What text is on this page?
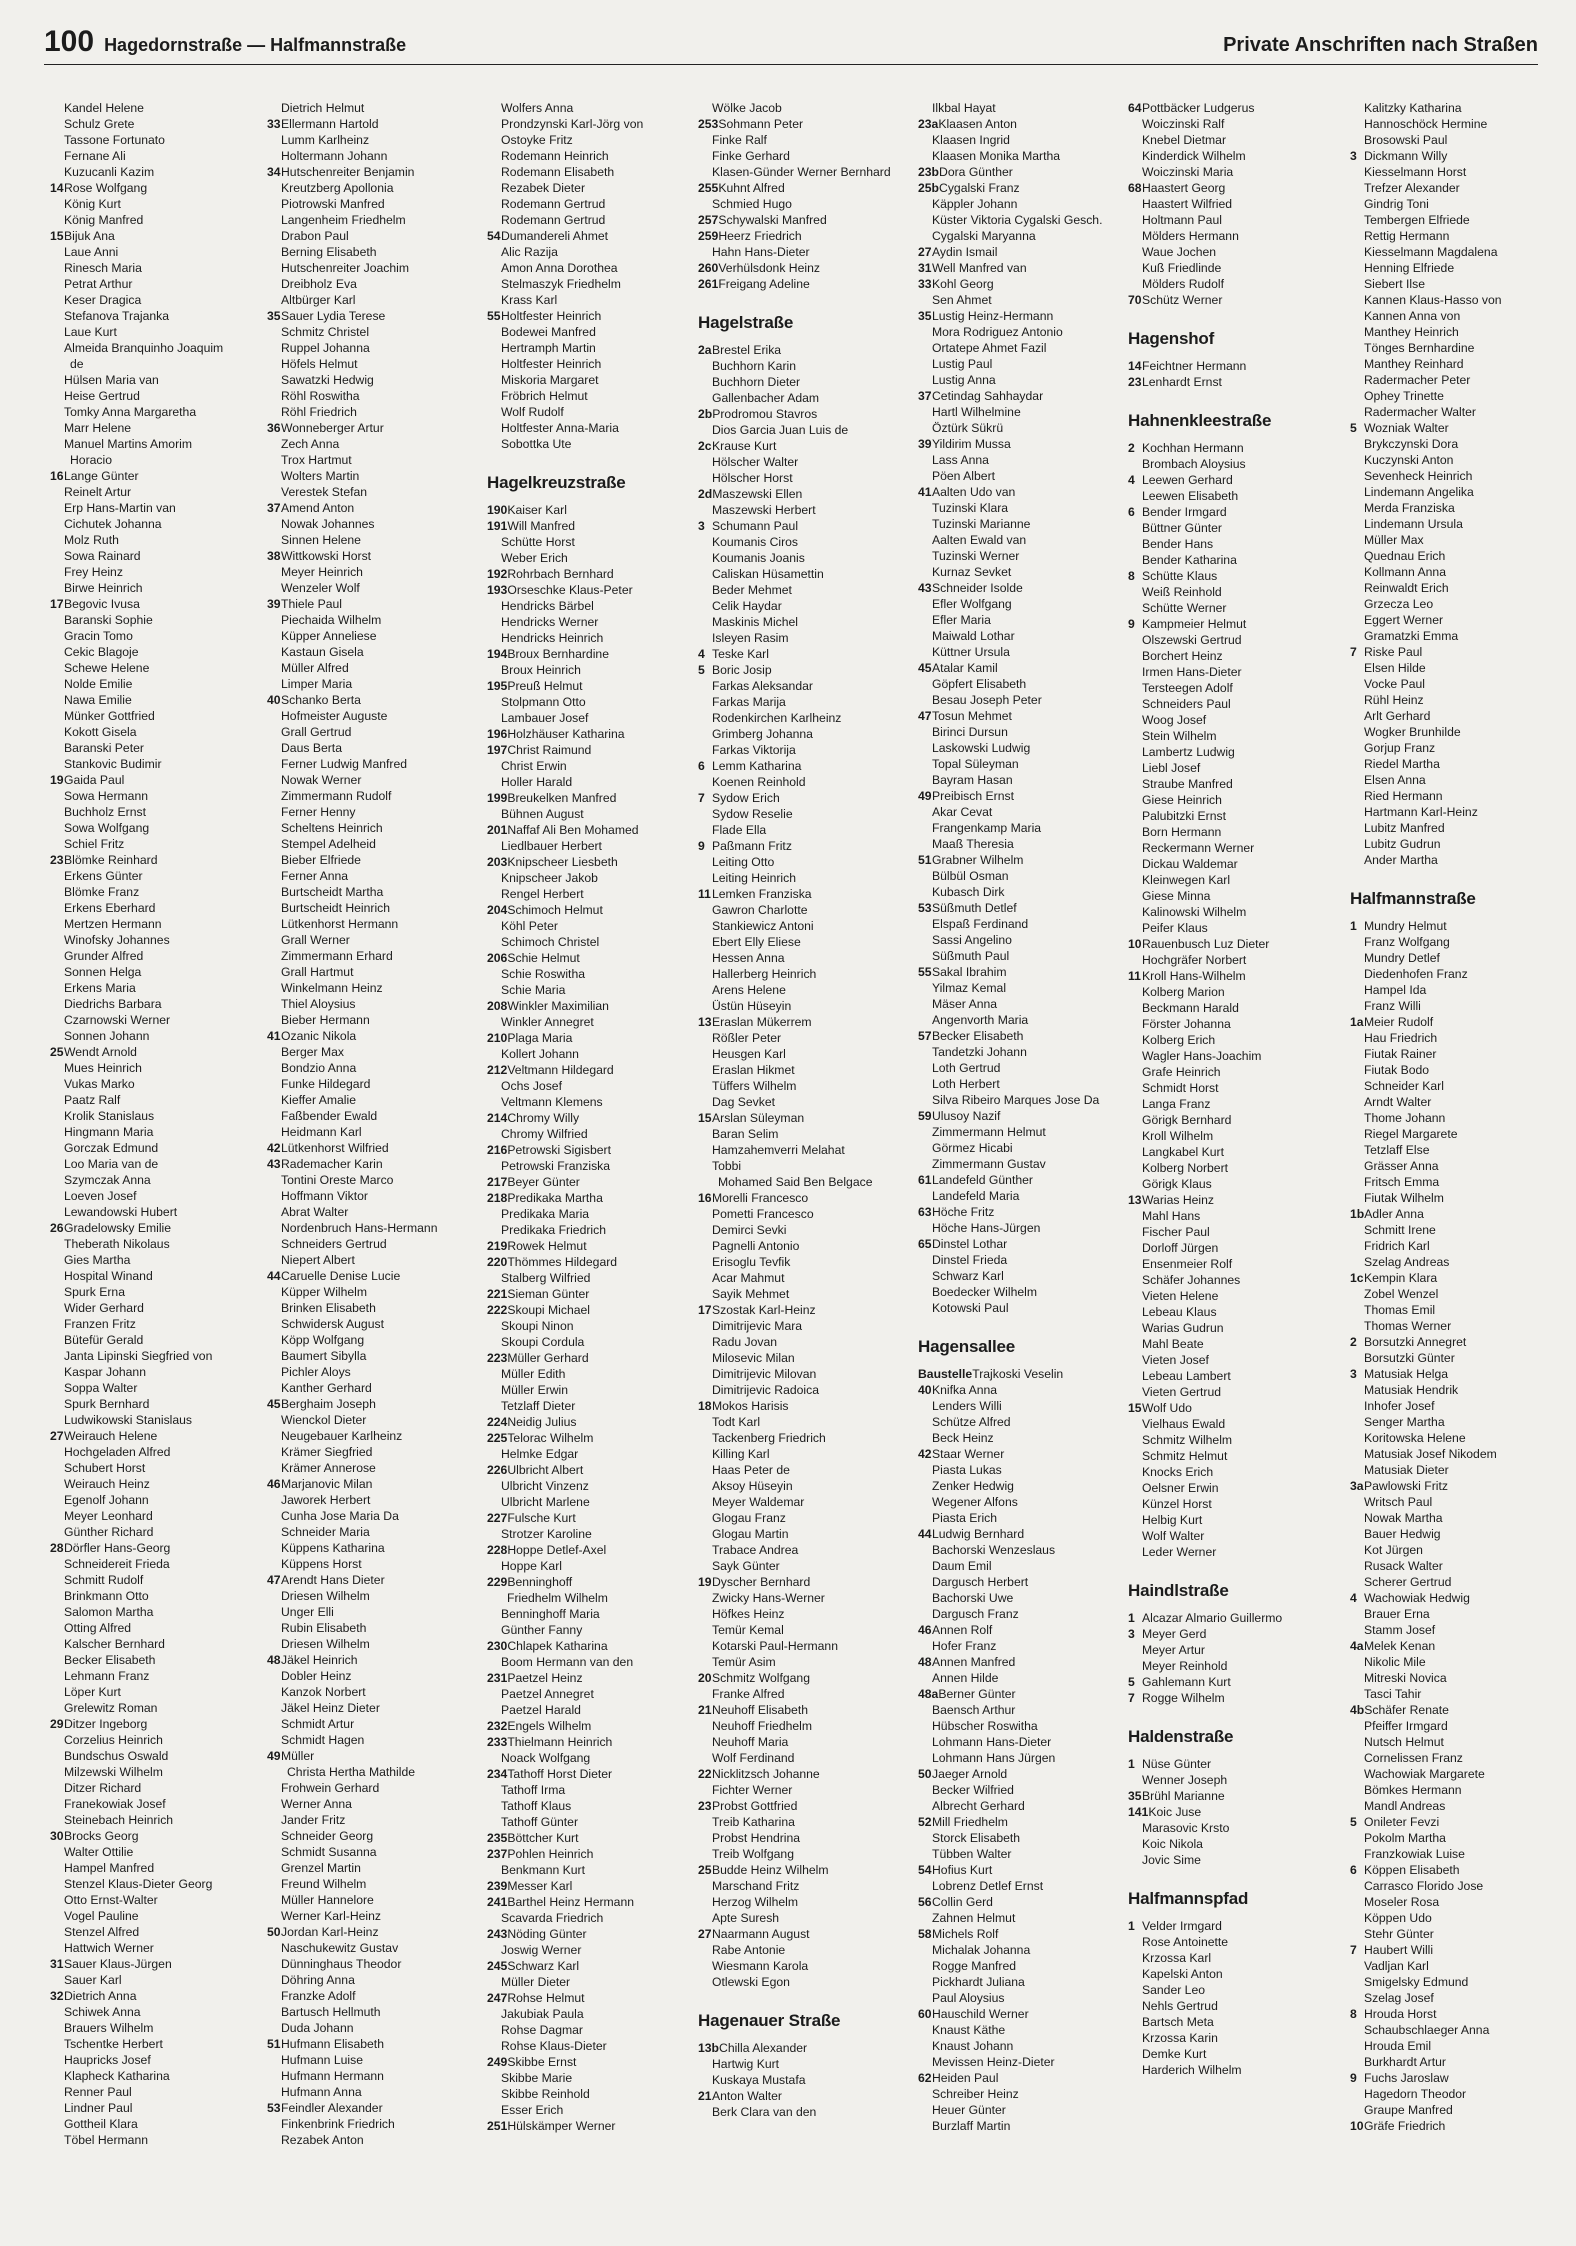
100 Hagedornstraße — Halfmannstraße	Private Anschriften nach Straßen
Kandel Helene
Schulz Grete
Tassone Fortunato
Fernane Ali
Kuzucanli Kazim
14Rose Wolfgang
König Kurt
König Manfred
15Bijuk Ana
Laue Anni
Rinesch Maria
Petrat Arthur
Keser Dragica
Stefanova Trajanka
Laue Kurt
Almeida Branquinho Joaquim
de
Hülsen Maria van
Heise Gertrud
Tomky Anna Margaretha
Marr Helene
Manuel Martins Amorim
Horacio
16Lange Günter
Reinelt Artur
Erp Hans-Martin van
Cichutek Johanna
Molz Ruth
Sowa Rainard
Frey Heinz
Birwe Heinrich
17Begovic Ivusa
Baranski Sophie
Gracin Tomo
Cekic Blagoje
Schewe Helene
Nolde Emilie
Nawa Emilie
Münker Gottfried
Kokott Gisela
Baranski Peter
Stankovic Budimir
19Gaida Paul
Sowa Hermann
Buchholz Ernst
Sowa Wolfgang
Schiel Fritz
23Blömke Reinhard
Erkens Günter
Blömke Franz
Erkens Eberhard
Mertzen Hermann
Winofsky Johannes
Grunder Alfred
Sonnen Helga
Erkens Maria
Diedrichs Barbara
Czarnowski Werner
Sonnen Johann
25Wendt Arnold
Mues Heinrich
Vukas Marko
Paatz Ralf
Krolik Stanislaus
Hingmann Maria
Gorczak Edmund
Loo Maria van de
Szymczak Anna
Loeven Josef
Lewandowski Hubert
26Gradelowsky Emilie
Theberath Nikolaus
Gies Martha
Hospital Winand
Spurk Erna
Wider Gerhard
Franzen Fritz
Bütefür Gerald
Janta Lipinski Siegfried von
Kaspar Johann
Soppa Walter
Spurk Bernhard
Ludwikowski Stanislaus
27Weirauch Helene
Hochgeladen Alfred
Schubert Horst
Weirauch Heinz
Egenolf Johann
Meyer Leonhard
Günther Richard
28Dörfler Hans-Georg
Schneidereit Frieda
Schmitt Rudolf
Brinkmann Otto
Salomon Martha
Otting Alfred
Kalscher Bernhard
Becker Elisabeth
Lehmann Franz
Löper Kurt
Grelewitz Roman
29Ditzer Ingeborg
Corzelius Heinrich
Bundschus Oswald
Milzewski Wilhelm
Ditzer Richard
Franekowiak Josef
Steinebach Heinrich
30Brocks Georg
Walter Ottilie
Hampel Manfred
Stenzel Klaus-Dieter Georg
Otto Ernst-Walter
Vogel Pauline
Stenzel Alfred
Hattwich Werner
31Sauer Klaus-Jürgen
Sauer Karl
32Dietrich Anna
Schiwek Anna
Brauers Wilhelm
Tschentke Herbert
Haupricks Josef
Klapheck Katharina
Renner Paul
Lindner Paul
Gottheil Klara
Töbel Hermann
Dietrich Helmut
33Ellermann Hartold
Lumm Karlheinz
Holtermann Johann
34Hutschenreiter Benjamin
Kreutzberg Apollonia
Piotrowski Manfred
Langenheim Friedhelm
Drabon Paul
Berning Elisabeth
Hutschenreiter Joachim
Dreibholz Eva
Altbürger Karl
35Sauer Lydia Terese
Schmitz Christel
Ruppel Johanna
Höfels Helmut
Sawatzki Hedwig
Röhl Roswitha
Röhl Friedrich
36Wonneberger Artur
Zech Anna
Trox Hartmut
Wolters Martin
Verestek Stefan
37Amend Anton
Nowak Johannes
Sinnen Helene
38Wittkowski Horst
Meyer Heinrich
Wenzeler Wolf
39Thiele Paul
Piechaida Wilhelm
Küpper Anneliese
Kastaun Gisela
Müller Alfred
Limper Maria
40Schanko Berta
Hofmeister Auguste
Grall Gertrud
Daus Berta
Ferner Ludwig Manfred
Nowak Werner
Zimmermann Rudolf
Ferner Henny
Scheltens Heinrich
Stempel Adelheid
Bieber Elfriede
Ferner Anna
Burtscheidt Martha
Burtscheidt Heinrich
Lütkenhorst Hermann
Grall Werner
Zimmermann Erhard
Grall Hartmut
Winkelmann Heinz
Thiel Aloysius
Bieber Hermann
41Ozanic Nikola
Berger Max
Bondzio Anna
Funke Hildegard
Kieffer Amalie
Faßbender Ewald
Heidmann Karl
42Lütkenhorst Wilfried
43Rademacher Karin
Tontini Oreste Marco
Hoffmann Viktor
Abrat Walter
Nordenbruch Hans-Hermann
Schneiders Gertrud
Niepert Albert
44Caruelle Denise Lucie
Küpper Wilhelm
Brinken Elisabeth
Schwidersk August
Köpp Wolfgang
Baumert Sibylla
Pichler Aloys
Kanther Gerhard
45Berghaim Joseph
Wienckol Dieter
Neugebauer Karlheinz
Krämer Siegfried
Krämer Annerose
46Marjanovic Milan
Jaworek Herbert
Cunha Jose Maria Da
Schneider Maria
Küppens Katharina
Küppens Horst
47Arendt Hans Dieter
Driesen Wilhelm
Unger Elli
Rubin Elisabeth
Driesen Wilhelm
48Jäkel Heinrich
Dobler Heinz
Kanzok Norbert
Jäkel Heinz Dieter
Schmidt Artur
Schmidt Hagen
49Müller
Christa Hertha Mathilde
Frohwein Gerhard
Werner Anna
Jander Fritz
Schneider Georg
Schmidt Susanna
Grenzel Martin
Freund Wilhelm
Müller Hannelore
Werner Karl-Heinz
50Jordan Karl-Heinz
Naschukewitz Gustav
Dünninghaus Theodor
Döhring Anna
Franzke Adolf
Bartusch Hellmuth
Duda Johann
51Hufmann Elisabeth
Hufmann Luise
Hufmann Hermann
Hufmann Anna
53Feindler Alexander
Finkenbrink Friedrich
Rezabek Anton
Wolfers Anna
Prondzynski Karl-Jörg von
Ostoyke Fritz
Rodemann Heinrich
Rodemann Elisabeth
Rezabek Dieter
Rodemann Gertrud
Rodemann Gertrud
54Dumandereli Ahmet
Alic Razija
Amon Anna Dorothea
Stelmaszyk Friedhelm
Krass Karl
55Holtfester Heinrich
Bodewei Manfred
Hertramph Martin
Holtfester Heinrich
Miskoria Margaret
Fröbrich Helmut
Wolf Rudolf
Holtfester Anna-Maria
Sobottka Ute
Hagelkreuzstraße
190Kaiser Karl
191Will Manfred
Schütte Horst
Weber Erich
192Rohrbach Bernhard
193Orseschke Klaus-Peter
Hendricks Bärbel
Hendricks Werner
Hendricks Heinrich
194Broux Bernhardine
Broux Heinrich
195Preuß Helmut
Stolpmann Otto
Lambauer Josef
196Holzhäuser Katharina
197Christ Raimund
Christ Erwin
Holler Harald
199Breukelken Manfred
Bühnen August
201Naffaf Ali Ben Mohamed
Liedlbauer Herbert
203Knipscheer Liesbeth
Knipscheer Jakob
Rengel Herbert
204Schimoch Helmut
Köhl Peter
Schimoch Christel
206Schie Helmut
Schie Roswitha
Schie Maria
208Winkler Maximilian
Winkler Annegret
210Plaga Maria
Kollert Johann
212Veltmann Hildegard
Ochs Josef
Veltmann Klemens
214Chromy Willy
Chromy Wilfried
216Petrowski Sigisbert
Petrowski Franziska
217Beyer Günter
218Predikaka Martha
Predikaka Maria
Predikaka Friedrich
219Rowek Helmut
220Thömmes Hildegard
Stalberg Wilfried
221Sieman Günter
222Skoupi Michael
Skoupi Ninon
Skoupi Cordula
223Müller Gerhard
Müller Edith
Müller Erwin
Tetzlaff Dieter
224Neidig Julius
225Telorac Wilhelm
Helmke Edgar
226Ulbricht Albert
Ulbricht Vinzenz
Ulbricht Marlene
227Fulsche Kurt
Strotzer Karoline
228Hoppe Detlef-Axel
Hoppe Karl
229Benninghoff
Friedhelm Wilhelm
Benninghoff Maria
Günther Fanny
230Chlapek Katharina
Boom Hermann van den
231Paetzel Heinz
Paetzel Annegret
Paetzel Harald
232Engels Wilhelm
233Thielmann Heinrich
Noack Wolfgang
234Tathoff Horst Dieter
Tathoff Irma
Tathoff Klaus
Tathoff Günter
235Böttcher Kurt
237Pohlen Heinrich
Benkmann Kurt
239Messer Karl
241Barthel Heinz Hermann
Scavarda Friedrich
243Nöding Günter
Joswig Werner
245Schwarz Karl
Müller Dieter
247Rohse Helmut
Jakubiak Paula
Rohse Dagmar
Rohse Klaus-Dieter
249Skibbe Ernst
Skibbe Marie
Skibbe Reinhold
Esser Erich
251Hülskämper Werner
Wölke Jacob
253Sohmann Peter
Finke Ralf
Finke Gerhard
Klasen-Günder Werner Bernhard
255Kuhnt Alfred
Schmied Hugo
257Schywalski Manfred
259Heerz Friedrich
Hahn Hans-Dieter
260Verhülsdonk Heinz
261Freigang Adeline
Hagelstraße
2aBrestel Erika
Buchhorn Karin
Buchhorn Dieter
Gallenbacher Adam
2bProdromou Stavros
Dios Garcia Juan Luis de
2cKrause Kurt
Hölscher Walter
Hölscher Horst
2dMaszewski Ellen
Maszewski Herbert
3Schumann Paul
Koumanis Ciros
Koumanis Joanis
Caliskan Hüsamettin
Beder Mehmet
Celik Haydar
Maskinis Michel
Isleyen Rasim
4Teske Karl
5Boric Josip
Farkas Aleksandar
Farkas Marija
Rodenkirchen Karlheinz
Grimberg Johanna
Farkas Viktorija
6Lemm Katharina
Koenen Reinhold
7Sydow Erich
Sydow Reselie
Flade Ella
9Paßmann Fritz
Leiting Otto
Leiting Heinrich
11Lemken Franziska
Gawron Charlotte
Stankiewicz Antoni
Ebert Elly Eliese
Hessen Anna
Hallerberg Heinrich
Arens Helene
Üstün Hüseyin
13Eraslan Mükerrem
Rößler Peter
Heusgen Karl
Eraslan Hikmet
Tüffers Wilhelm
Dag Sevket
15Arslan Süleyman
Baran Selim
Hamzahemverri Melahat
Tobbi
Mohamed Said Ben Belgace
16Morelli Francesco
Pometti Francesco
Demirci Sevki
Pagnelli Antonio
Erisoglu Tevfik
Acar Mahmut
Sayik Mehmet
17Szostak Karl-Heinz
Dimitrijevic Mara
Radu Jovan
Milosevic Milan
Dimitrijevic Milovan
Dimitrijevic Radoica
18Mokos Harisis
Todt Karl
Tackenberg Friedrich
Killing Karl
Haas Peter de
Aksoy Hüseyin
Meyer Waldemar
Glogau Franz
Glogau Martin
Trabace Andrea
Sayk Günter
19Dyscher Bernhard
Zwicky Hans-Werner
Höfkes Heinz
Temür Kemal
Kotarski Paul-Hermann
Temür Asim
20Schmitz Wolfgang
Franke Alfred
21Neuhoff Elisabeth
Neuhoff Friedhelm
Neuhoff Maria
Wolf Ferdinand
22Nicklitzsch Johanne
Fichter Werner
23Probst Gottfried
Treib Katharina
Probst Hendrina
Treib Wolfgang
25Budde Heinz Wilhelm
Marschand Fritz
Herzog Wilhelm
Apte Suresh
27Naarmann August
Rabe Antonie
Wiesmann Karola
Otlewski Egon
Hagenauer Straße
13bChilla Alexander
Hartwig Kurt
Kuskaya Mustafa
21Anton Walter
Berk Clara van den
Ilkbal Hayat
23aKlaasen Anton
Klaasen Ingrid
Klaasen Monika Martha
23bDora Günther
25bCygalski Franz
Käppler Johann
Küster Viktoria Cygalski Gesch.
Cygalski Maryanna
27Aydin Ismail
31Well Manfred van
33Kohl Georg
Sen Ahmet
35Lustig Heinz-Hermann
Mora Rodriguez Antonio
Ortatepe Ahmet Fazil
Lustig Paul
Lustig Anna
37Cetindag Sahhaydar
Hartl Wilhelmine
Öztürk Sükrü
39Yildirim Mussa
Lass Anna
Pöen Albert
41Aalten Udo van
Tuzinski Klara
Tuzinski Marianne
Aalten Ewald van
Tuzinski Werner
Kurnaz Sevket
43Schneider Isolde
Efler Wolfgang
Efler Maria
Maiwald Lothar
Küttner Ursula
45Atalar Kamil
Göpfert Elisabeth
Besau Joseph Peter
47Tosun Mehmet
Birinci Dursun
Laskowski Ludwig
Topal Süleyman
Bayram Hasan
49Preibisch Ernst
Akar Cevat
Frangenkamp Maria
Maaß Theresia
51Grabner Wilhelm
Bülbül Osman
Kubasch Dirk
53Süßmuth Detlef
Elspaß Ferdinand
Sassi Angelino
Süßmuth Paul
55Sakal Ibrahim
Yilmaz Kemal
Mäser Anna
Angenvorth Maria
57Becker Elisabeth
Tandetzki Johann
Loth Gertrud
Loth Herbert
Silva Ribeiro Marques Jose Da
59Ulusoy Nazif
Zimmermann Helmut
Görmez Hicabi
Zimmermann Gustav
61Landefeld Günther
Landefeld Maria
63Höche Fritz
Höche Hans-Jürgen
65Dinstel Lothar
Dinstel Frieda
Schwarz Karl
Boedecker Wilhelm
Kotowski Paul
Hagensallee
BaustelleTrajkoski Veselin
40Knifka Anna
Lenders Willi
Schütze Alfred
Beck Heinz
42Staar Werner
Piasta Lukas
Zenker Hedwig
Wegener Alfons
Piasta Erich
44Ludwig Bernhard
Bachorski Wenzeslaus
Daum Emil
Dargusch Herbert
Bachorski Uwe
Dargusch Franz
46Annen Rolf
Hofer Franz
48Annen Manfred
Annen Hilde
48aBerner Günter
Baensch Arthur
Hübscher Roswitha
Lohmann Hans-Dieter
Lohmann Hans Jürgen
50Jaeger Arnold
Becker Wilfried
Albrecht Gerhard
52Mill Friedhelm
Storck Elisabeth
Tübben Walter
54Hofius Kurt
Lobrenz Detlef Ernst
56Collin Gerd
Zahnen Helmut
58Michels Rolf
Michalak Johanna
Rogge Manfred
Pickhardt Juliana
Paul Aloysius
60Hauschild Werner
Knaust Käthe
Knaust Johann
Mevissen Heinz-Dieter
62Heiden Paul
Schreiber Heinz
Heuer Günter
Burzlaff Martin
64Pottbäcker Ludgerus
Woiczinski Ralf
Knebel Dietmar
Kinderdick Wilhelm
Woiczinski Maria
68Haastert Georg
Haastert Wilfried
Holtmann Paul
Mölders Hermann
Waue Jochen
Kuß Friedlinde
Mölders Rudolf
70Schütz Werner
Hagenshof
14Feichtner Hermann
23Lenhardt Ernst
Hahnenkleestraße
2Kochhan Hermann
Brombach Aloysius
4Leewen Gerhard
Leewen Elisabeth
6Bender Irmgard
Büttner Günter
Bender Hans
Bender Katharina
8Schütte Klaus
Weiß Reinhold
Schütte Werner
9Kampmeier Helmut
Olszewski Gertrud
Borchert Heinz
Irmen Hans-Dieter
Tersteegen Adolf
Schneiders Paul
Woog Josef
Stein Wilhelm
Lambertz Ludwig
Liebl Josef
Straube Manfred
Giese Heinrich
Palubitzki Ernst
Born Hermann
Reckermann Werner
Dickau Waldemar
Kleinwegen Karl
Giese Minna
Kalinowski Wilhelm
Peifer Klaus
10Rauenbusch Luz Dieter
Hochgräfer Norbert
11Kroll Hans-Wilhelm
Kolberg Marion
Beckmann Harald
Förster Johanna
Kolberg Erich
Wagler Hans-Joachim
Grafe Heinrich
Schmidt Horst
Langa Franz
Görigk Bernhard
Kroll Wilhelm
Langkabel Kurt
Kolberg Norbert
Görigk Klaus
13Warias Heinz
Mahl Hans
Fischer Paul
Dorloff Jürgen
Ensenmeier Rolf
Schäfer Johannes
Vieten Helene
Lebeau Klaus
Warias Gudrun
Mahl Beate
Vieten Josef
Lebeau Lambert
Vieten Gertrud
15Wolf Udo
Vielhaus Ewald
Schmitz Wilhelm
Schmitz Helmut
Knocks Erich
Oelsner Erwin
Künzel Horst
Helbig Kurt
Wolf Walter
Leder Werner
Haindlstraße
1Alcazar Almario Guillermo
3Meyer Gerd
Meyer Artur
Meyer Reinhold
5Gahlemann Kurt
7Rogge Wilhelm
Haldenstraße
1Nüse Günter
Wenner Joseph
35Brühl Marianne
141Koic Juse
Marasovic Krsto
Koic Nikola
Jovic Sime
Halfmannspfad
1Velder Irmgard
Rose Antoinette
Krzossa Karl
Kapelski Anton
Sander Leo
Nehls Gertrud
Bartsch Meta
Krzossa Karin
Demke Kurt
Harderich Wilhelm
Kalitzky Katharina
Hannoschöck Hermine
Brosowski Paul
3Dickmann Willy
Kiesselmann Horst
Trefzer Alexander
Gindrig Toni
Tembergen Elfriede
Rettig Hermann
Kiesselmann Magdalena
Henning Elfriede
Siebert Ilse
Kannen Klaus-Hasso von
Kannen Anna von
Manthey Heinrich
Tönges Bernhardine
Manthey Reinhard
Radermacher Peter
Ophey Trinette
Radermacher Walter
5Wozniak Walter
Brykczynski Dora
Kuczynski Anton
Sevenheck Heinrich
Lindemann Angelika
Merda Franziska
Lindemann Ursula
Müller Max
Quednau Erich
Kollmann Anna
Reinwaldt Erich
Grzecza Leo
Eggert Werner
Gramatzki Emma
7Riske Paul
Elsen Hilde
Vocke Paul
Rühl Heinz
Arlt Gerhard
Wogker Brunhilde
Gorjup Franz
Riedel Martha
Elsen Anna
Ried Hermann
Hartmann Karl-Heinz
Lubitz Manfred
Lubitz Gudrun
Ander Martha
Halfmannstraße
1Mundry Helmut
Franz Wolfgang
Mundry Detlef
Diedenhofen Franz
Hampel Ida
Franz Willi
1aMeier Rudolf
Hau Friedrich
Fiutak Rainer
Fiutak Bodo
Schneider Karl
Arndt Walter
Thome Johann
Riegel Margarete
Tetzlaff Else
Grässer Anna
Fritsch Emma
Fiutak Wilhelm
1bAdler Anna
Schmitt Irene
Fridrich Karl
Szelag Andreas
1cKempin Klara
Zobel Wenzel
Thomas Emil
Thomas Werner
2Borsutzki Annegret
Borsutzki Günter
3Matusiak Helga
Matusiak Hendrik
Inhofer Josef
Senger Martha
Koritowska Helene
Matusiak Josef Nikodem
Matusiak Dieter
3aPawlowski Fritz
Writsch Paul
Nowak Martha
Bauer Hedwig
Kot Jürgen
Rusack Walter
Scherer Gertrud
4Wachowiak Hedwig
Brauer Erna
Stamm Josef
4aMelek Kenan
Nikolic Mile
Mitreski Novica
Tasci Tahir
4bSchäfer Renate
Pfeiffer Irmgard
Nutsch Helmut
Cornelissen Franz
Wachowiak Margarete
Bömkes Hermann
Mandl Andreas
5Onileter Fevzi
Pokolm Martha
Franzkowiak Luise
6Köppen Elisabeth
Carrasco Florido Jose
Moseler Rosa
Köppen Udo
Stehr Günter
7Haubert Willi
Vadljan Karl
Smigelsky Edmund
Szelag Josef
8Hrouda Horst
Schaubschlaeger Anna
Hrouda Emil
Burkhardt Artur
9Fuchs Jaroslaw
Hagedorn Theodor
Graupe Manfred
10Gräfe Friedrich
